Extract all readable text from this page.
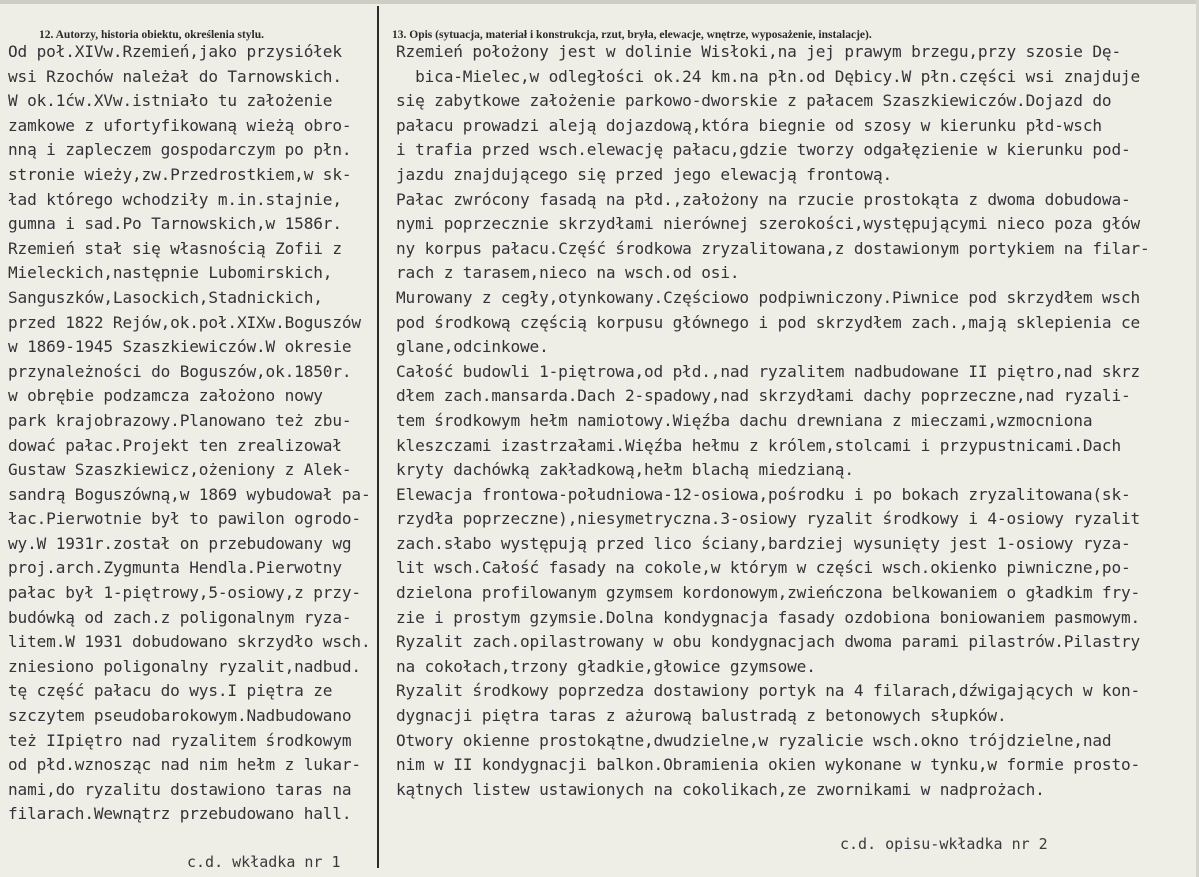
12. Autorzy, historia obiektu, określenia stylu.	13. Opis (sytuacja, materiał i konstrukcja, rzut, bryła, elewacje, wnętrze, wyposażenie, instalacje).
Od poł.XIVw.Rzemień,jako przysiółek
wsi Rzochów należał do Tarnowskich.
W ok.1ćw.XVw.istniało tu założenie
zamkowe z ufortyfikowaną wieżą obro-
nną i zapleczem gospodarczym po płn.
stronie wieży,zw.Przedrostkiem,w sk-
ład którego wchodziły m.in.stajnie,
gumna i sad.Po Tarnowskich,w 1586r.
Rzemień stał się własnością Zofii z
Mieleckich,następnie Lubomirskich,
Sanguszków,Lasockich,Stadnickich,
przed 1822 Rejów,ok.poł.XIXw.Boguszów
w 1869-1945 Szaszkiewiczów.W okresie
przynależności do Boguszów,ok.1850r.
w obrębie podzamcza założono nowy
park krajobrazowy.Planowano też zbu-
dować pałac.Projekt ten zrealizował
Gustaw Szaszkiewicz,ożeniony z Alek-
sandrą Boguszówną,w 1869 wybudował pa-
łac.Pierwotnie był to pawilon ogrodo-
wy.W 1931r.został on przebudowany wg
proj.arch.Zygmunta Hendla.Pierwotny
pałac był 1-piętrowy,5-osiowy,z przy-
budówką od zach.z poligonalnym ryza-
litem.W 1931 dobudowano skrzydło wsch.
zniesiono poligonalny ryzalit,nadbud.
tę część pałacu do wys.I piętra ze
szczytem pseudobarokowym.Nadbudowano
też IIpiętro nad ryzalitem środkowym
od płd.wznosząc nad nim hełm z lukar-
nami,do ryzalitu dostawiono taras na
filarach.Wewnątrz przebudowano hall.
Rzemień położony jest w dolinie Wisłoki,na jej prawym brzegu,przy szosie Dę-
bica-Mielec,w odległości ok.24 km.na płn.od Dębicy.W płn.części wsi znajduje
się zabytkowe założenie parkowo-dworskie z pałacem Szaszkiewiczów.Dojazd do
pałacu prowadzi aleją dojazdową,która biegnie od szosy w kierunku płd-wsch
i trafia przed wsch.elewację pałacu,gdzie tworzy odgałęzienie w kierunku pod-
jazdu znajdującego się przed jego elewacją frontową.
Pałac zwrócony fasadą na płd.,założony na rzucie prostokąta z dwoma dobudowa-
nymi poprzecznie skrzydłami nierównej szerokości,występującymi nieco poza głów
ny korpus pałacu.Część środkowa zryzalitowana,z dostawionym portykiem na filar-
rach z tarasem,nieco na wsch.od osi.
Murowany z cegły,otynkowany.Częściowo podpiwniczony.Piwnice pod skrzydłem wsch
pod środkową częścią korpusu głównego i pod skrzydłem zach.,mają sklepienia ce
glane,odcinkowe.
Całość budowli 1-piętrowa,od płd.,nad ryzalitem nadbudowane II piętro,nad skrz
dłem zach.mansarda.Dach 2-spadowy,nad skrzydłami dachy poprzeczne,nad ryzali-
tem środkowym hełm namiotowy.Więźba dachu drewniana z mieczami,wzmocniona
kleszczami izastrzałami.Więźba hełmu z królem,stolcami i przypustnicami.Dach
kryty dachówką zakładkową,hełm blachą miedzianą.
Elewacja frontowa-południowa-12-osiowa,pośrodku i po bokach zryzalitowana(sk-
rzydła poprzeczne),niesymetryczna.3-osiowy ryzalit środkowy i 4-osiowy ryzalit
zach.słabo występują przed lico ściany,bardziej wysunięty jest 1-osiowy ryza-
lit wsch.Całość fasady na cokole,w którym w części wsch.okienko piwniczne,po-
dzielona profilowanym gzymsem kordonowym,zwieńczona belkowaniem o gładkim fry-
zie i prostym gzymsie.Dolna kondygnacja fasady ozdobiona boniowaniem pasmowym.
Ryzalit zach.opilastrowany w obu kondygnacjach dwoma parami pilastrów.Pilastry
na cokołach,trzony gładkie,głowice gzymsowe.
Ryzalit środkowy poprzedza dostawiony portyk na 4 filarach,dźwigających w kon-
dygnacji piętra taras z ażurową balustradą z betonowych słupków.
Otwory okienne prostokątne,dwudzielne,w ryzalicie wsch.okno trójdzielne,nad
nim w II kondygnacji balkon.Obramienia okien wykonane w tynku,w formie prosto-
kątnych listew ustawionych na cokolikach,ze zwornikami w nadprożach.
c.d. wkładka nr 1
c.d. opisu-wkładka nr 2
